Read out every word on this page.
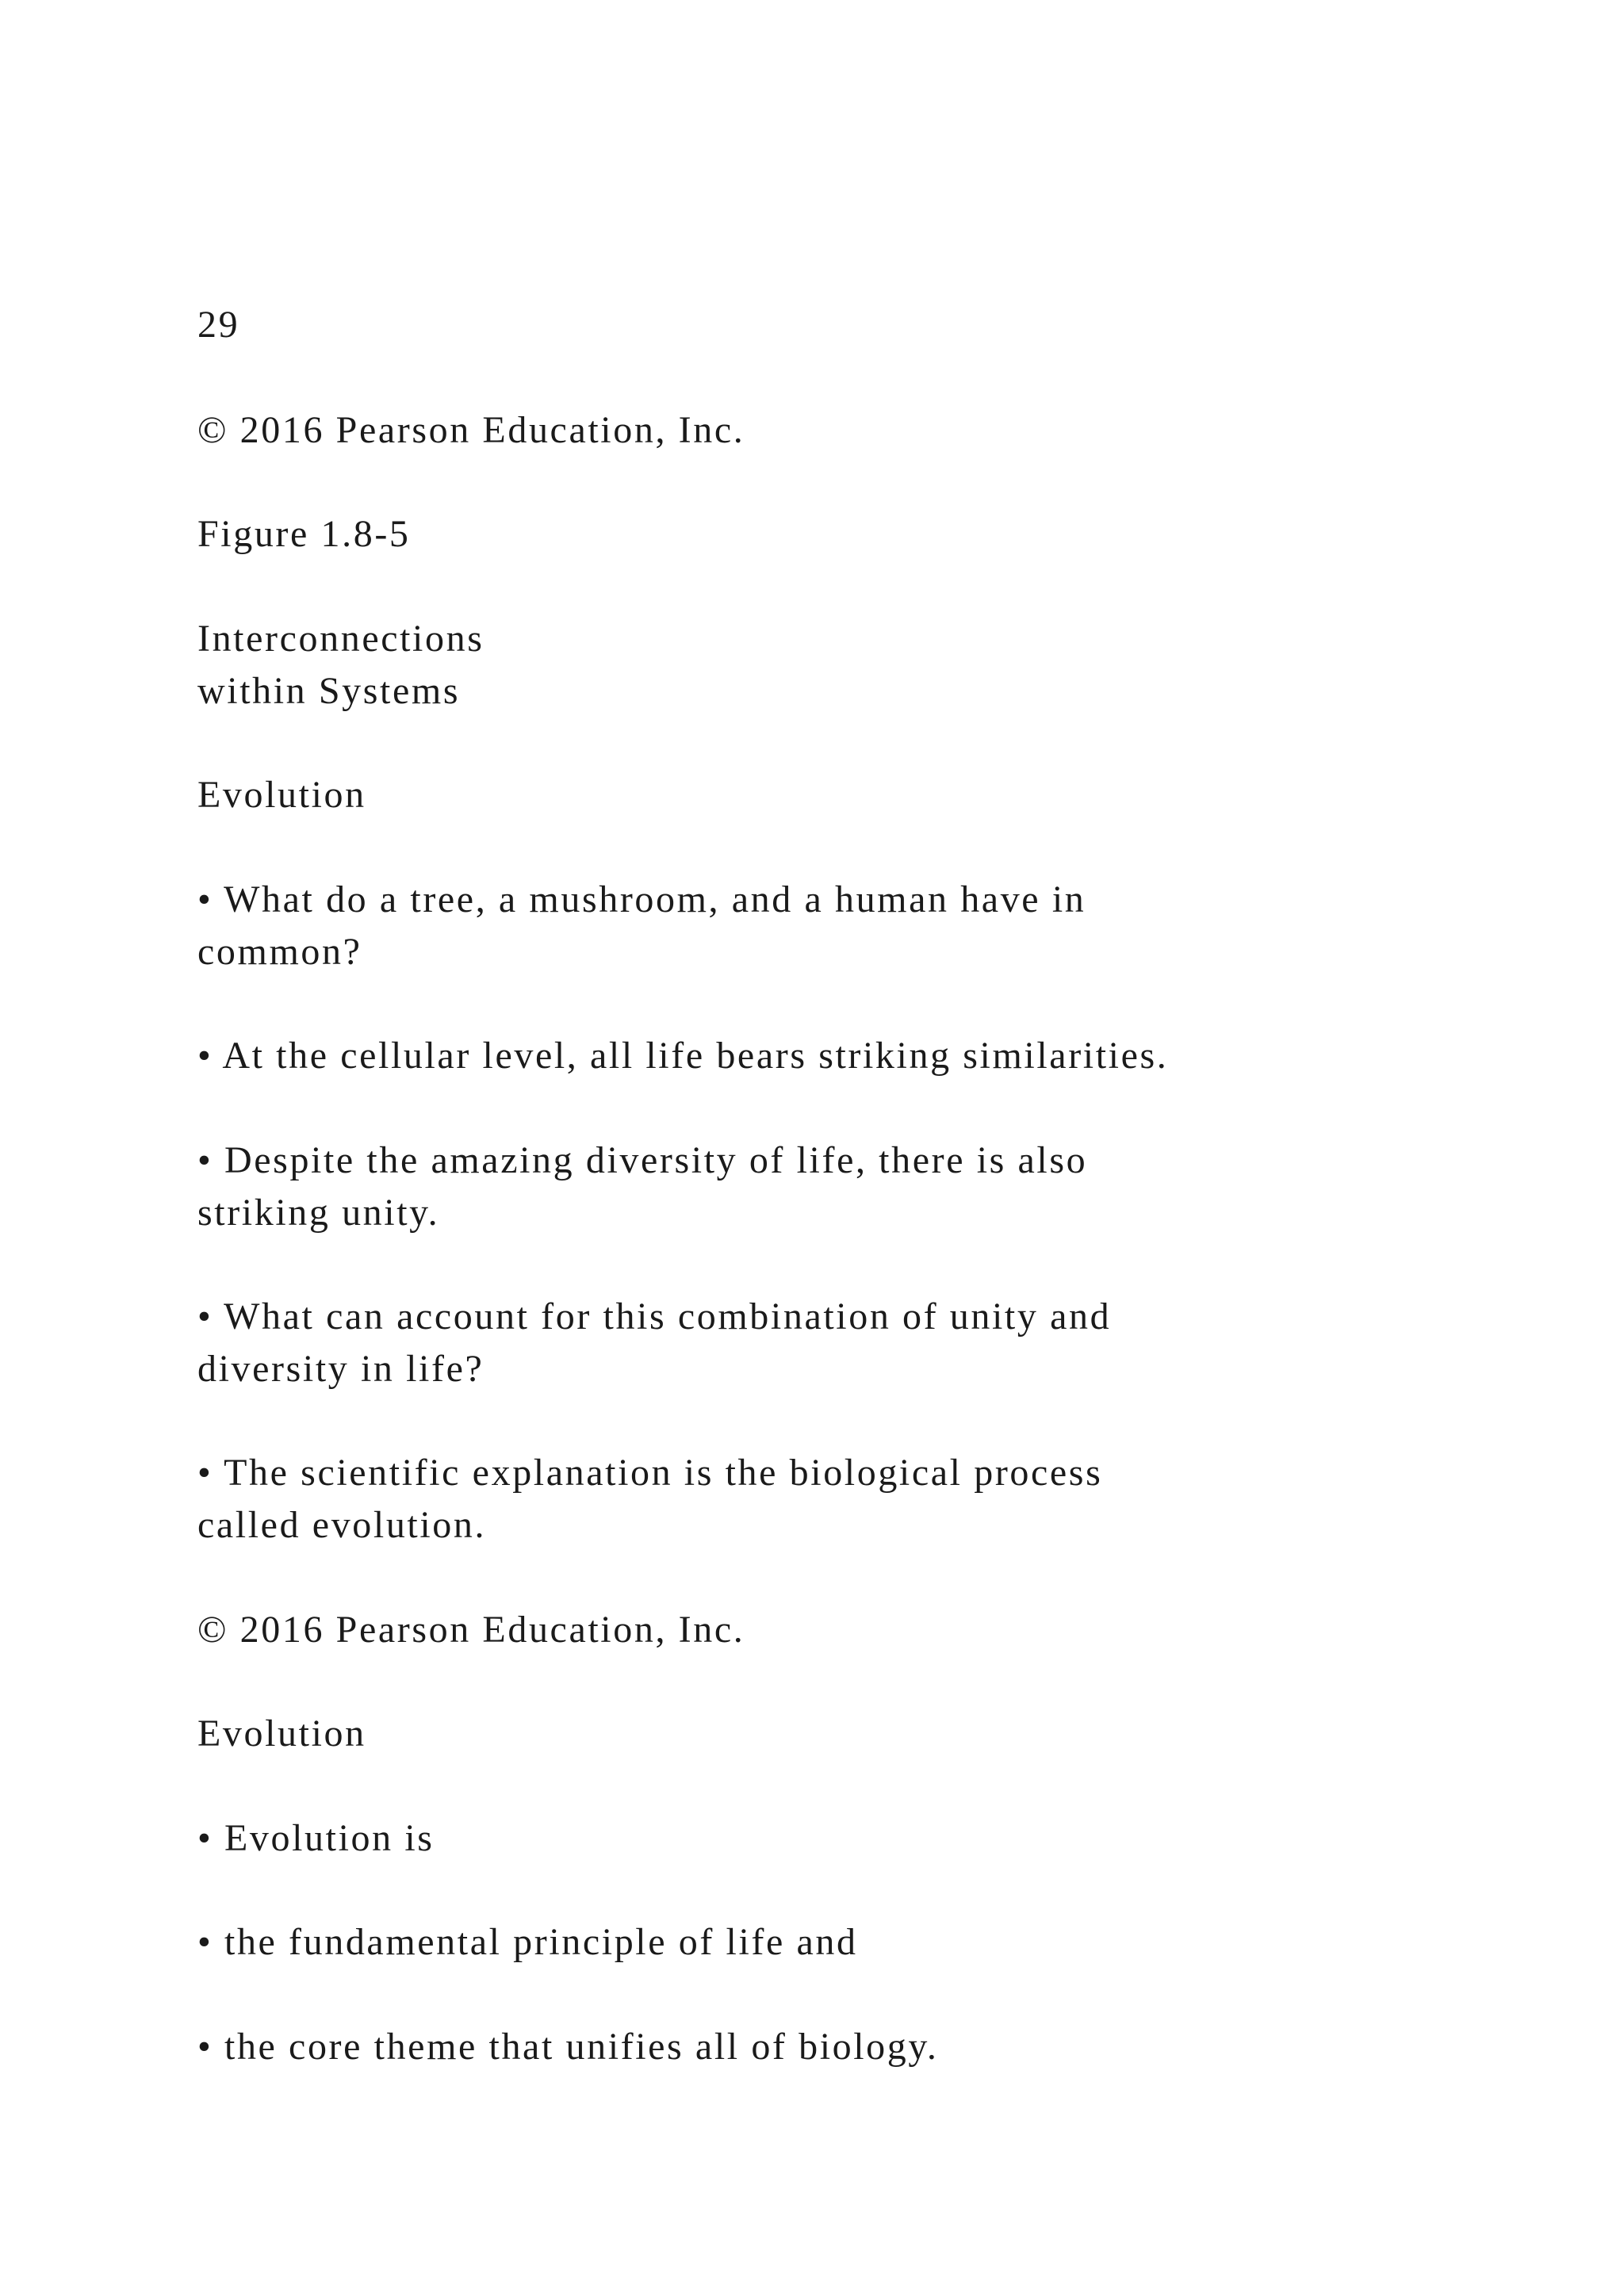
29

© 2016 Pearson Education, Inc.

Figure 1.8-5

Interconnections

within Systems

Evolution

• What do a tree, a mushroom, and a human have in

common?

• At the cellular level, all life bears striking similarities.

• Despite the amazing diversity of life, there is also

striking unity.

• What can account for this combination of unity and

diversity in life?

• The scientific explanation is the biological process

called evolution.

© 2016 Pearson Education, Inc.

Evolution

• Evolution is

• the fundamental principle of life and

• the core theme that unifies all of biology.
